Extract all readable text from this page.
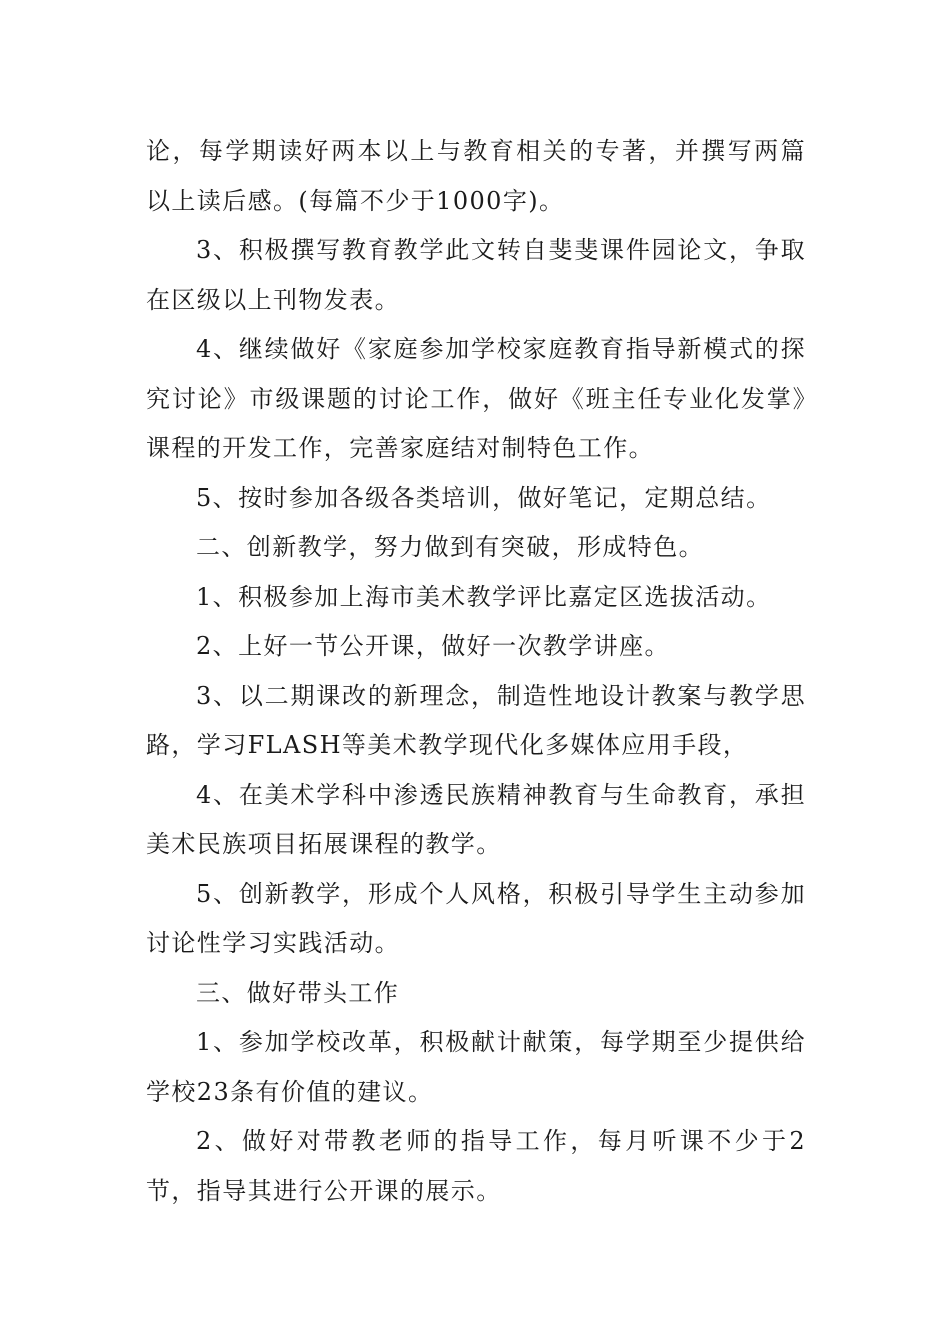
论，每学期读好两本以上与教育相关的专著，并撰写两篇以上读后感。(每篇不少于1000字)。

3、积极撰写教育教学此文转自斐斐课件园论文，争取在区级以上刊物发表。

4、继续做好《家庭参加学校家庭教育指导新模式的探究讨论》市级课题的讨论工作，做好《班主任专业化发掌》课程的开发工作，完善家庭结对制特色工作。

5、按时参加各级各类培训，做好笔记，定期总结。

二、创新教学，努力做到有突破，形成特色。

1、积极参加上海市美术教学评比嘉定区选拔活动。

2、上好一节公开课，做好一次教学讲座。

3、以二期课改的新理念，制造性地设计教案与教学思路，学习FLASH等美术教学现代化多媒体应用手段，

4、在美术学科中渗透民族精神教育与生命教育，承担美术民族项目拓展课程的教学。

5、创新教学，形成个人风格，积极引导学生主动参加讨论性学习实践活动。

三、做好带头工作

1、参加学校改革，积极献计献策，每学期至少提供给学校23条有价值的建议。

2、做好对带教老师的指导工作，每月听课不少于2节，指导其进行公开课的展示。
